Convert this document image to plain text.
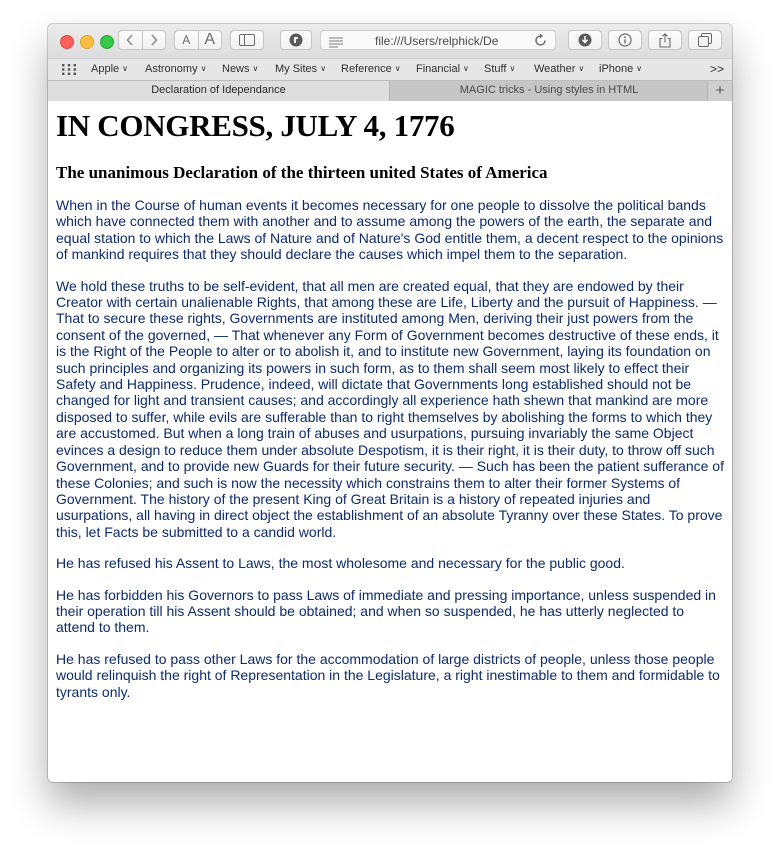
A A	file:///Users/relphick/De
Apple ∨ Astronomy ∨ News ∨ My Sites ∨ Reference ∨ Financial ∨ Stuff ∨ Weather ∨ iPhone ∨	>>
Declaration of Idependance	MAGIC tricks - Using styles in HTML	+
IN CONGRESS, JULY 4, 1776
The unanimous Declaration of the thirteen united States of America

When in the Course of human events it becomes necessary for one people to dissolve the political bands which have connected them with another and to assume among the powers of the earth, the separate and equal station to which the Laws of Nature and of Nature's God entitle them, a decent respect to the opinions of mankind requires that they should declare the causes which impel them to the separation.

We hold these truths to be self-evident, that all men are created equal, that they are endowed by their Creator with certain unalienable Rights, that among these are Life, Liberty and the pursuit of Happiness. — That to secure these rights, Governments are instituted among Men, deriving their just powers from the consent of the governed, — That whenever any Form of Government becomes destructive of these ends, it is the Right of the People to alter or to abolish it, and to institute new Government, laying its foundation on such principles and organizing its powers in such form, as to them shall seem most likely to effect their Safety and Happiness. Prudence, indeed, will dictate that Governments long established should not be changed for light and transient causes; and accordingly all experience hath shewn that mankind are more disposed to suffer, while evils are sufferable than to right themselves by abolishing the forms to which they are accustomed. But when a long train of abuses and usurpations, pursuing invariably the same Object evinces a design to reduce them under absolute Despotism, it is their right, it is their duty, to throw off such Government, and to provide new Guards for their future security. — Such has been the patient sufferance of these Colonies; and such is now the necessity which constrains them to alter their former Systems of Government. The history of the present King of Great Britain is a history of repeated injuries and usurpations, all having in direct object the establishment of an absolute Tyranny over these States. To prove this, let Facts be submitted to a candid world.

He has refused his Assent to Laws, the most wholesome and necessary for the public good.

He has forbidden his Governors to pass Laws of immediate and pressing importance, unless suspended in their operation till his Assent should be obtained; and when so suspended, he has utterly neglected to attend to them.

He has refused to pass other Laws for the accommodation of large districts of people, unless those people would relinquish the right of Representation in the Legislature, a right inestimable to them and formidable to tyrants only.
